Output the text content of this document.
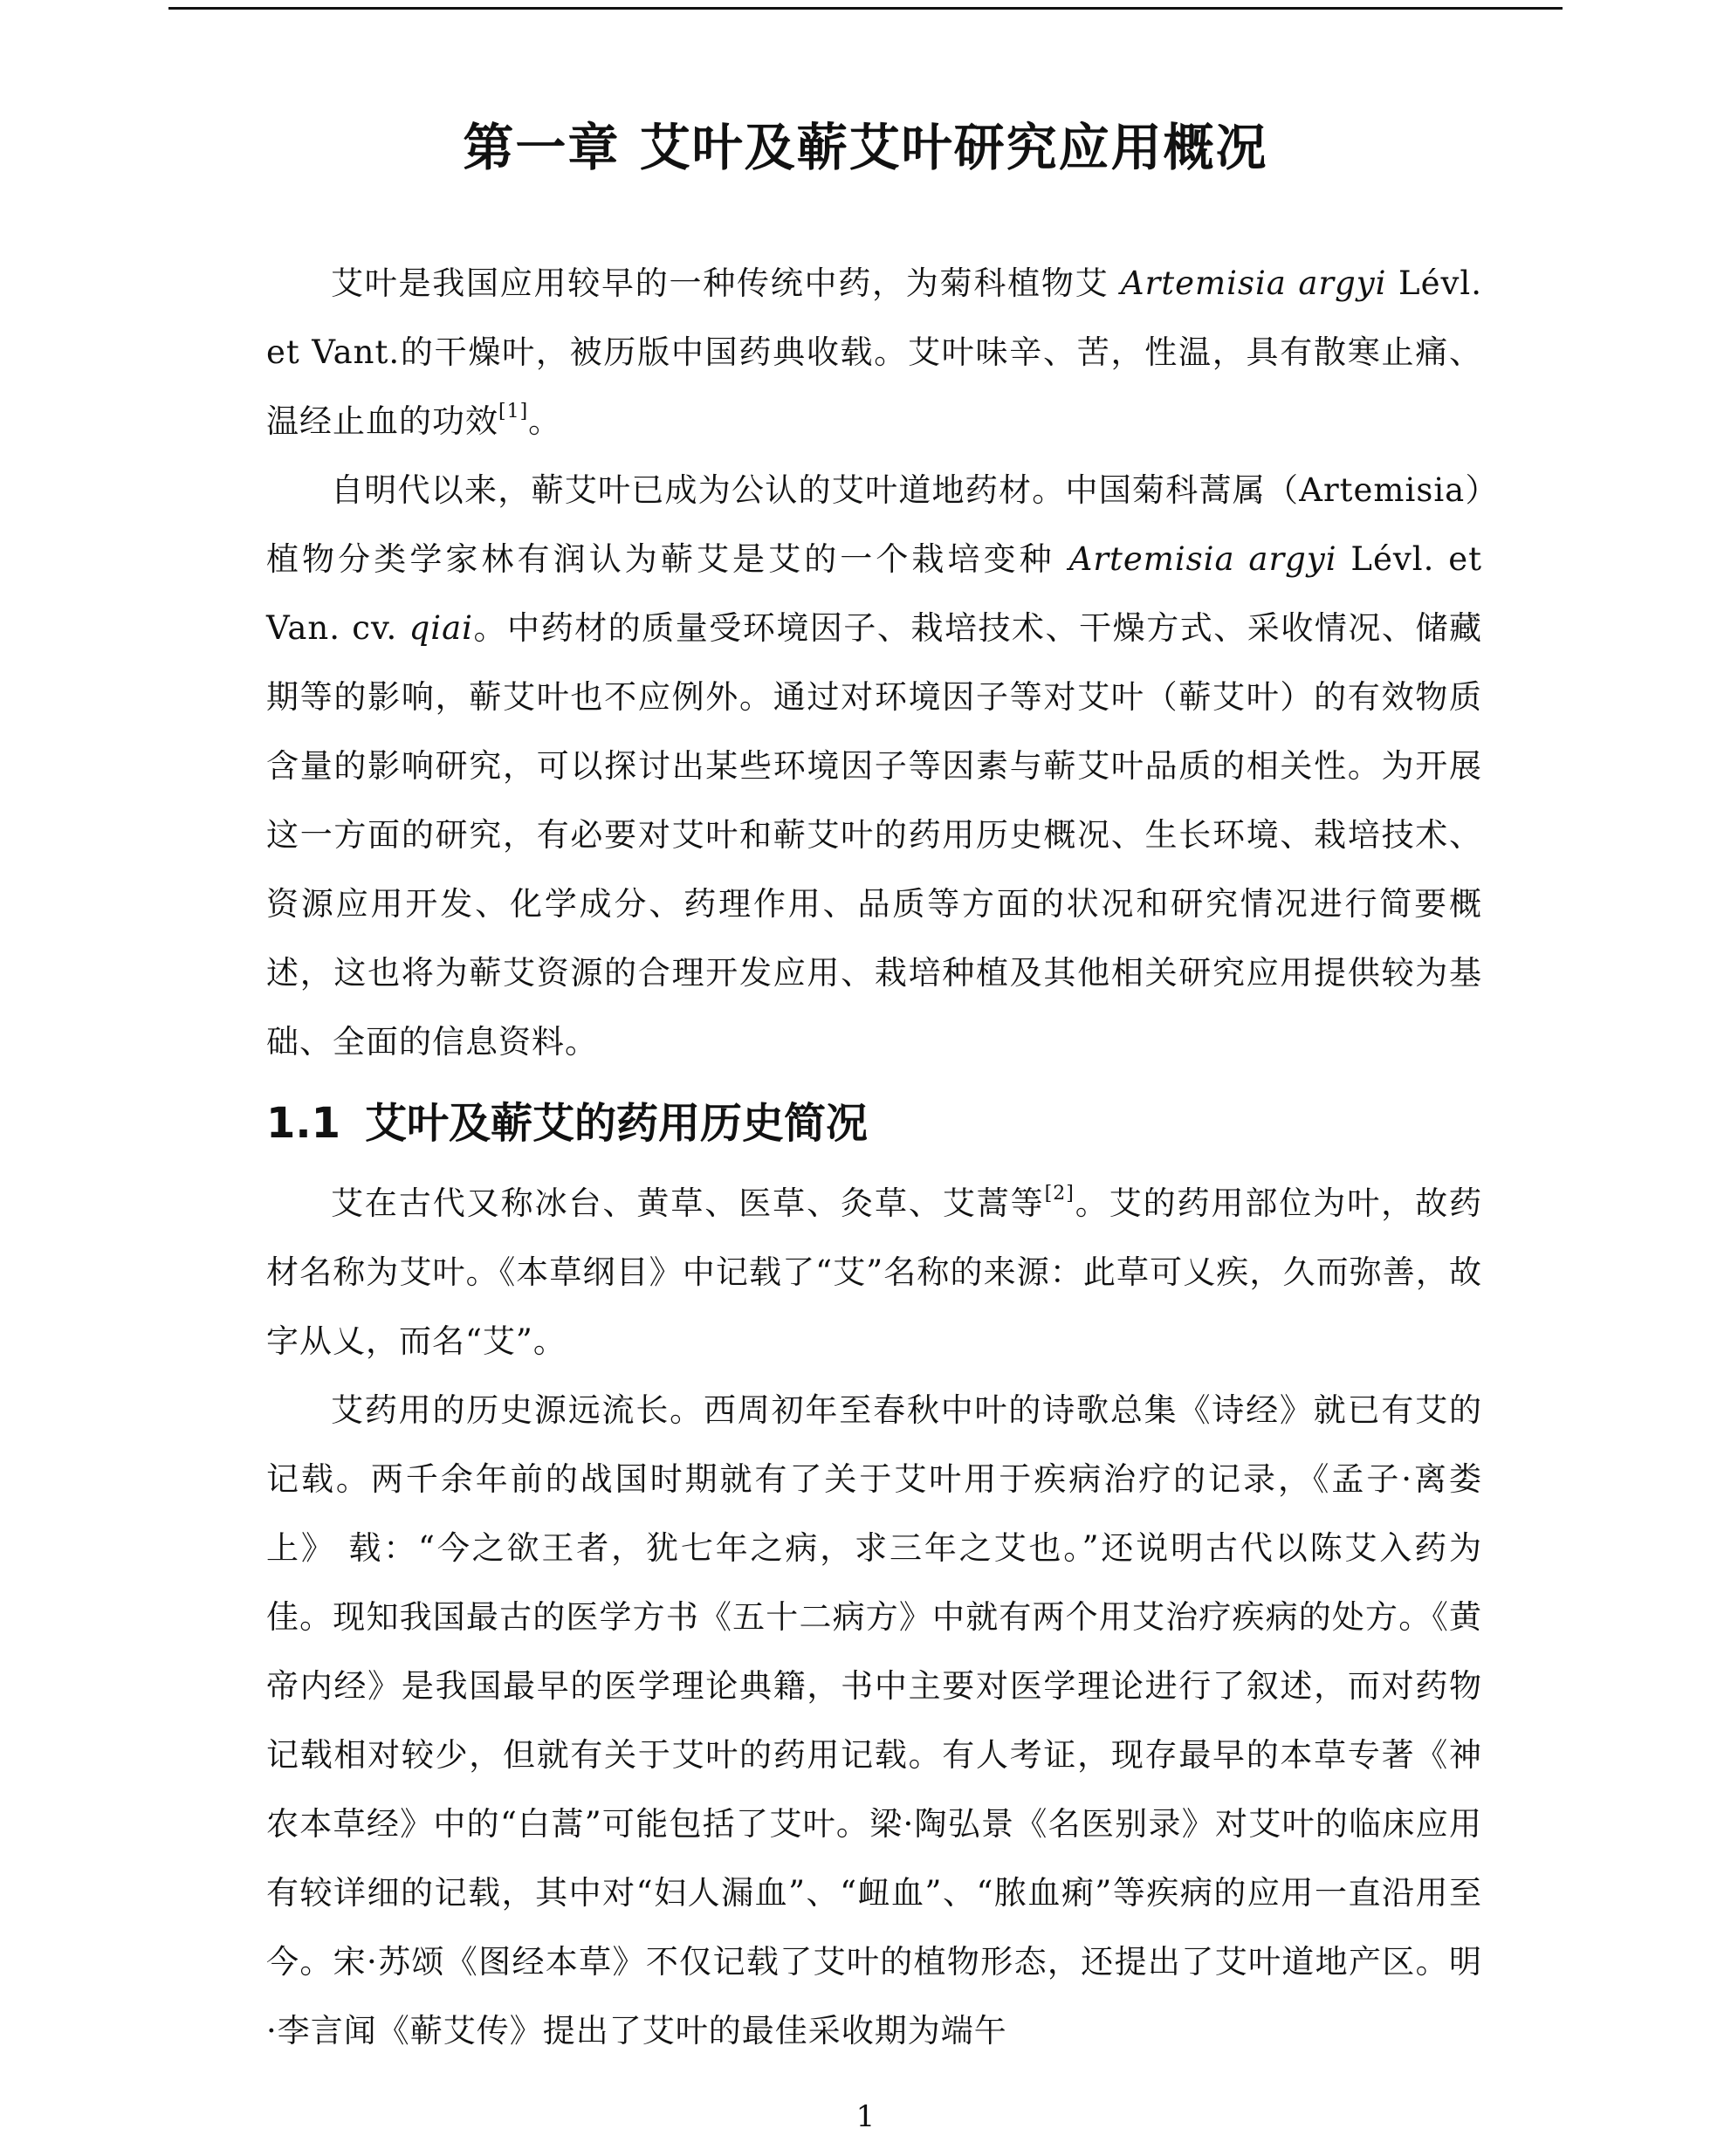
第一章 艾叶及蕲艾叶研究应用概况

艾叶是我国应用较早的一种传统中药，为菊科植物艾 Artemisia argyi Lévl. et Vant.的干燥叶，被历版中国药典收载。艾叶味辛、苦，性温，具有散寒止痛、温经止血的功效[1]。

自明代以来，蕲艾叶已成为公认的艾叶道地药材。中国菊科蒿属（Artemisia）植物分类学家林有润认为蕲艾是艾的一个栽培变种 Artemisia argyi Lévl. et Van. cv. qiai。中药材的质量受环境因子、栽培技术、干燥方式、采收情况、储藏期等的影响，蕲艾叶也不应例外。通过对环境因子等对艾叶（蕲艾叶）的有效物质含量的影响研究，可以探讨出某些环境因子等因素与蕲艾叶品质的相关性。为开展这一方面的研究，有必要对艾叶和蕲艾叶的药用历史概况、生长环境、栽培技术、资源应用开发、化学成分、药理作用、品质等方面的状况和研究情况进行简要概述，这也将为蕲艾资源的合理开发应用、栽培种植及其他相关研究应用提供较为基础、全面的信息资料。

1.1 艾叶及蕲艾的药用历史简况

艾在古代又称冰台、黄草、医草、灸草、艾蒿等[2]。艾的药用部位为叶，故药材名称为艾叶。《本草纲目》中记载了“艾”名称的来源：此草可乂疾，久而弥善，故字从乂，而名“艾”。

艾药用的历史源远流长。西周初年至春秋中叶的诗歌总集《诗经》就已有艾的记载。两千余年前的战国时期就有了关于艾叶用于疾病治疗的记录，《孟子·离娄上》 载：“今之欲王者，犹七年之病，求三年之艾也。”还说明古代以陈艾入药为佳。现知我国最古的医学方书《五十二病方》中就有两个用艾治疗疾病的处方。《黄帝内经》是我国最早的医学理论典籍，书中主要对医学理论进行了叙述，而对药物记载相对较少，但就有关于艾叶的药用记载。有人考证，现存最早的本草专著《神农本草经》中的“白蒿”可能包括了艾叶。梁·陶弘景《名医别录》对艾叶的临床应用有较详细的记载，其中对“妇人漏血”、“衄血”、“脓血痢”等疾病的应用一直沿用至今。宋·苏颂《图经本草》不仅记载了艾叶的植物形态，还提出了艾叶道地产区。明·李言闻《蕲艾传》提出了艾叶的最佳采收期为端午

1
